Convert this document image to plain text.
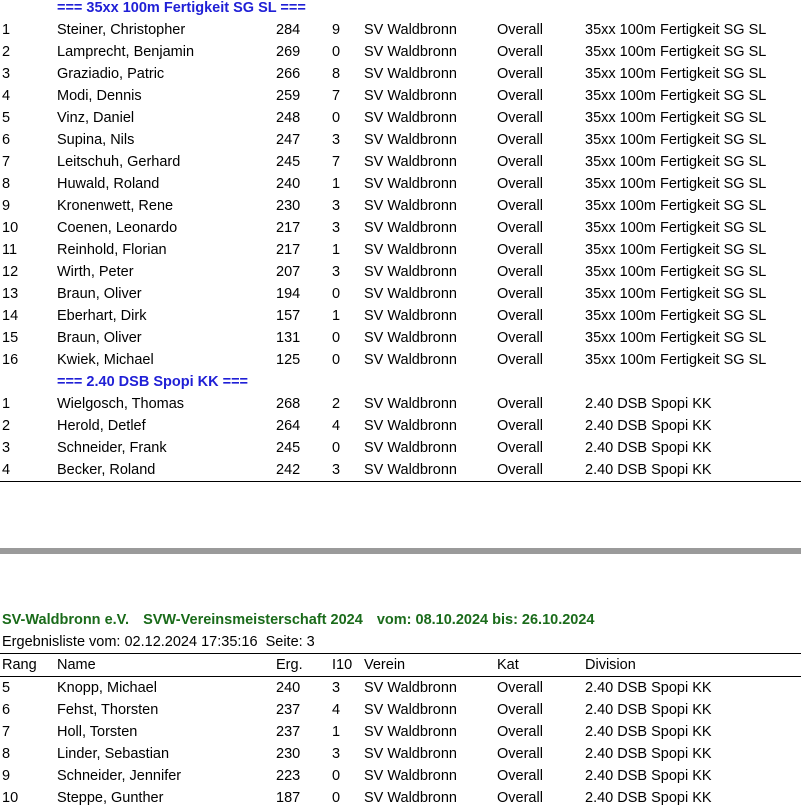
=== 35xx 100m Fertigkeit SG SL ===
1	Steiner, Christopher	284 9 SV Waldbronn	Overall	35xx 100m Fertigkeit SG SL
2	Lamprecht, Benjamin	269 0 SV Waldbronn	Overall	35xx 100m Fertigkeit SG SL
3	Graziadio, Patric	266 8 SV Waldbronn	Overall	35xx 100m Fertigkeit SG SL
4	Modi, Dennis	259 7 SV Waldbronn	Overall	35xx 100m Fertigkeit SG SL
5	Vinz, Daniel	248 0 SV Waldbronn	Overall	35xx 100m Fertigkeit SG SL
6	Supina, Nils	247 3 SV Waldbronn	Overall	35xx 100m Fertigkeit SG SL
7	Leitschuh, Gerhard	245 7 SV Waldbronn	Overall	35xx 100m Fertigkeit SG SL
8	Huwald, Roland	240 1 SV Waldbronn	Overall	35xx 100m Fertigkeit SG SL
9	Kronenwett, Rene	230 3 SV Waldbronn	Overall	35xx 100m Fertigkeit SG SL
10	Coenen, Leonardo	217 3 SV Waldbronn	Overall	35xx 100m Fertigkeit SG SL
11	Reinhold, Florian	217 1 SV Waldbronn	Overall	35xx 100m Fertigkeit SG SL
12	Wirth, Peter	207 3 SV Waldbronn	Overall	35xx 100m Fertigkeit SG SL
13	Braun, Oliver	194 0 SV Waldbronn	Overall	35xx 100m Fertigkeit SG SL
14	Eberhart, Dirk	157 1 SV Waldbronn	Overall	35xx 100m Fertigkeit SG SL
15	Braun, Oliver	131 0 SV Waldbronn	Overall	35xx 100m Fertigkeit SG SL
16	Kwiek, Michael	125 0 SV Waldbronn	Overall	35xx 100m Fertigkeit SG SL
=== 2.40 DSB Spopi KK ===
1	Wielgosch, Thomas	268 2 SV Waldbronn	Overall	2.40 DSB Spopi KK
2	Herold, Detlef	264 4 SV Waldbronn	Overall	2.40 DSB Spopi KK
3	Schneider, Frank	245 0 SV Waldbronn	Overall	2.40 DSB Spopi KK
4	Becker, Roland	242 3 SV Waldbronn	Overall	2.40 DSB Spopi KK
SV-Waldbronn e.V. SVW-Vereinsmeisterschaft 2024 vom: 08.10.2024 bis: 26.10.2024
Ergebnisliste vom: 02.12.2024 17:35:16 Seite: 3
Rang Name	Erg. I10 Verein	Kat	Division
5	Knopp, Michael	240 3 SV Waldbronn	Overall	2.40 DSB Spopi KK
6	Fehst, Thorsten	237 4 SV Waldbronn	Overall	2.40 DSB Spopi KK
7	Holl, Torsten	237 1 SV Waldbronn	Overall	2.40 DSB Spopi KK
8	Linder, Sebastian	230 3 SV Waldbronn	Overall	2.40 DSB Spopi KK
9	Schneider, Jennifer	223 0 SV Waldbronn	Overall	2.40 DSB Spopi KK
10	Steppe, Gunther	187 0 SV Waldbronn	Overall	2.40 DSB Spopi KK
